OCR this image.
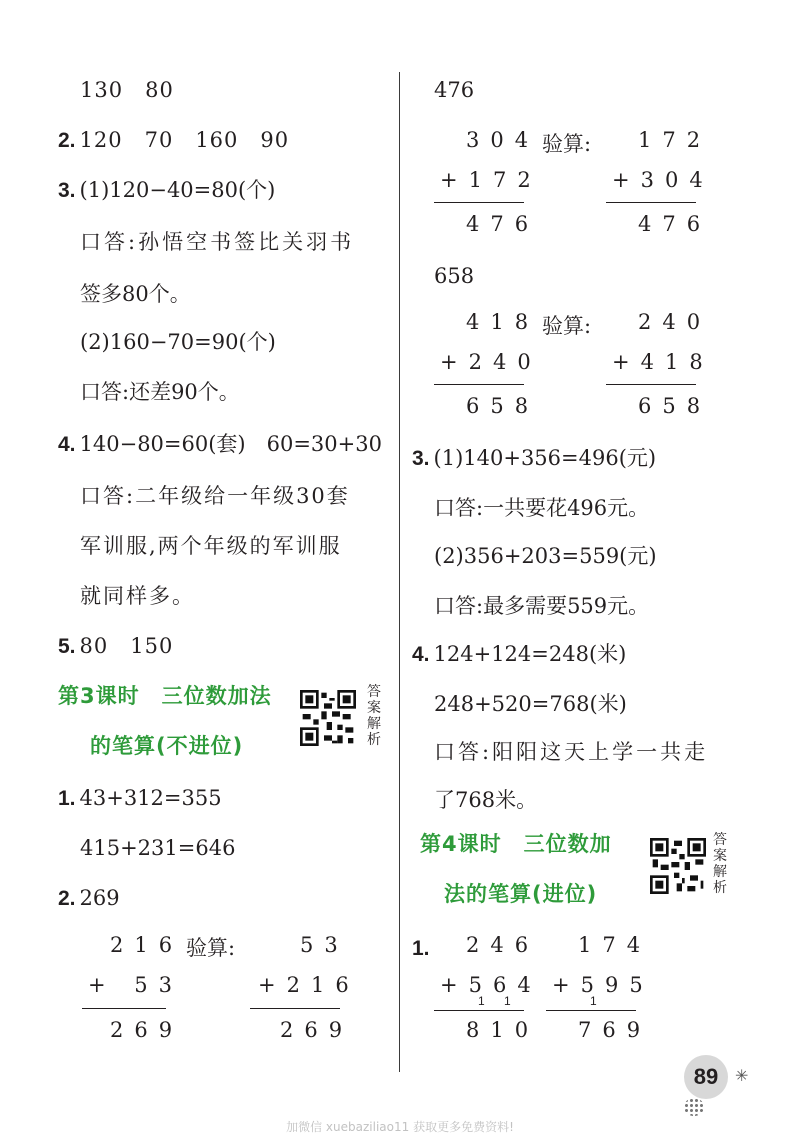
130　80
2. 120　70　160　90
3. (1)120−40=80(个)
口答:孙悟空书签比关羽书
签多80个。
(2)160−70=90(个)
口答:还差90个。
4. 140−80=60(套)　60=30+30
口答:二年级给一年级30套
军训服,两个年级的军训服
就同样多。
5. 80　150
第3课时　三位数加法
的笔算(不进位)
答
案
解
析
1. 43+312=355
415+231=646
2. 269
216
+ 53
269
验算:	53
+216
269
476
304
+172
476
验算: 172
+304
476
658
418
+240
658
验算: 240
+418
658
3. (1)140+356=496(元)
口答:一共要花496元。
(2)356+203=559(元)
口答:最多需要559元。
4. 124+124=248(米)
248+520=768(米)
口答:阳阳这天上学一共走
了768米。
第4课时　三位数加
法的笔算(进位)
答
案
解
析
1. 246
+564
1 1
810
174
+595
1
769
89	✳
加微信 xuebaziliao11 获取更多免费资料!
